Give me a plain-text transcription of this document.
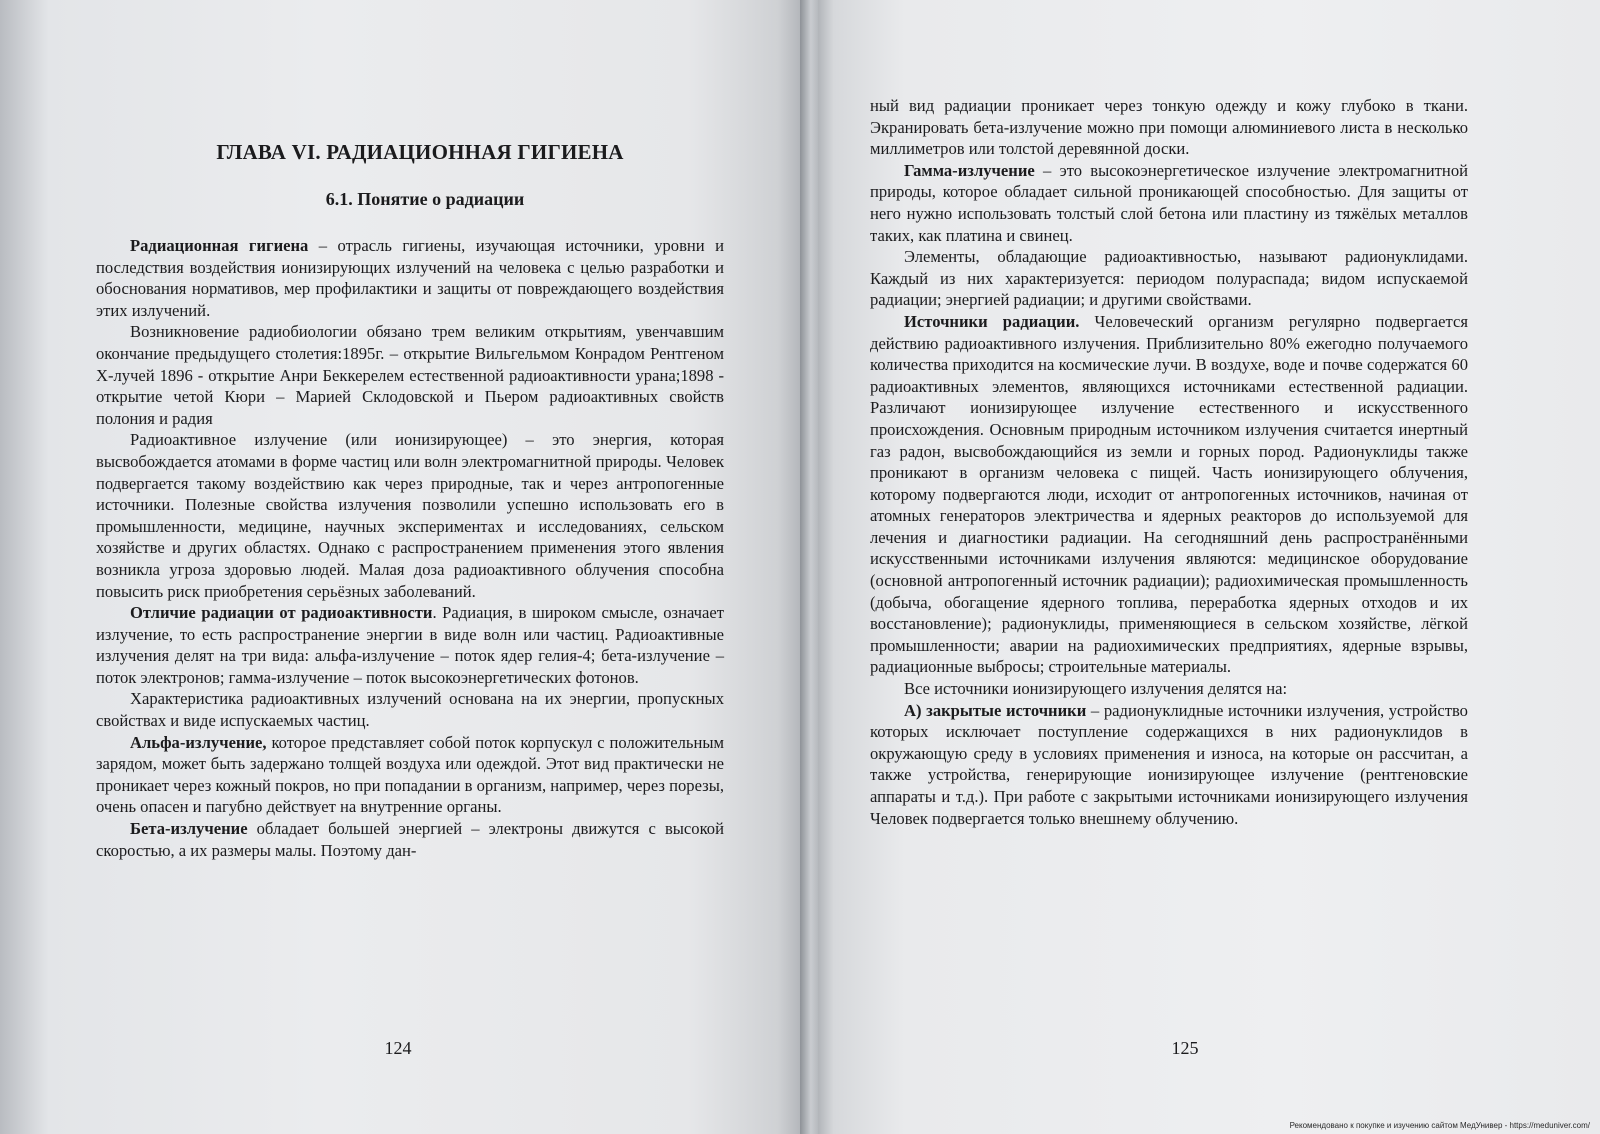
ГЛАВА VI. РАДИАЦИОННАЯ ГИГИЕНА
6.1. Понятие о радиации

Радиационная гигиена – отрасль гигиены, изучающая источники, уровни и последствия воздействия ионизирующих излучений на человека с целью разработки и обоснования нормативов, мер профилактики и защиты от повреждающего воздействия этих излучений.

Возникновение радиобиологии обязано трем великим открытиям, увенчавшим окончание предыдущего столетия:1895г. – открытие Вильгельмом Конрадом Рентгеном Х-лучей 1896 - открытие Анри Беккерелем естественной радиоактивности урана;1898 - открытие четой Кюри – Марией Склодовской и Пьером радиоактивных свойств полония и радия

Радиоактивное излучение (или ионизирующее) – это энергия, которая высвобождается атомами в форме частиц или волн электромагнитной природы. Человек подвергается такому воздействию как через природные, так и через антропогенные источники. Полезные свойства излучения позволили успешно использовать его в промышленности, медицине, научных экспериментах и исследованиях, сельском хозяйстве и других областях. Однако с распространением применения этого явления возникла угроза здоровью людей. Малая доза радиоактивного облучения способна повысить риск приобретения серьёзных заболеваний.

Отличие радиации от радиоактивности. Радиация, в широком смысле, означает излучение, то есть распространение энергии в виде волн или частиц. Радиоактивные излучения делят на три вида: альфа-излучение – поток ядер гелия-4; бета-излучение – поток электронов; гамма-излучение – поток высокоэнергетических фотонов.

Характеристика радиоактивных излучений основана на их энергии, пропускных свойствах и виде испускаемых частиц.

Альфа-излучение, которое представляет собой поток корпускул с положительным зарядом, может быть задержано толщей воздуха или одеждой. Этот вид практически не проникает через кожный покров, но при попадании в организм, например, через порезы, очень опасен и пагубно действует на внутренние органы.

Бета-излучение обладает большей энергией – электроны движутся с высокой скоростью, а их размеры малы. Поэтому дан-

124

ный вид радиации проникает через тонкую одежду и кожу глубоко в ткани. Экранировать бета-излучение можно при помощи алюминиевого листа в несколько миллиметров или толстой деревянной доски.

Гамма-излучение – это высокоэнергетическое излучение электромагнитной природы, которое обладает сильной проникающей способностью. Для защиты от него нужно использовать толстый слой бетона или пластину из тяжёлых металлов таких, как платина и свинец.

Элементы, обладающие радиоактивностью, называют радионуклидами. Каждый из них характеризуется: периодом полураспада; видом испускаемой радиации; энергией радиации; и другими свойствами.

Источники радиации. Человеческий организм регулярно подвергается действию радиоактивного излучения. Приблизительно 80% ежегодно получаемого количества приходится на космические лучи. В воздухе, воде и почве содержатся 60 радиоактивных элементов, являющихся источниками естественной радиации. Различают ионизирующее излучение естественного и искусственного происхождения. Основным природным источником излучения считается инертный газ радон, высвобождающийся из земли и горных пород. Радионуклиды также проникают в организм человека с пищей. Часть ионизирующего облучения, которому подвергаются люди, исходит от антропогенных источников, начиная от атомных генераторов электричества и ядерных реакторов до используемой для лечения и диагностики радиации. На сегодняшний день распространёнными искусственными источниками излучения являются: медицинское оборудование (основной антропогенный источник радиации); радиохимическая промышленность (добыча, обогащение ядерного топлива, переработка ядерных отходов и их восстановление); радионуклиды, применяющиеся в сельском хозяйстве, лёгкой промышленности; аварии на радиохимических предприятиях, ядерные взрывы, радиационные выбросы; строительные материалы.

Все источники ионизирующего излучения делятся на:

А) закрытые источники – радионуклидные источники излучения, устройство которых исключает поступление содержащихся в них радионуклидов в окружающую среду в условиях применения и износа, на которые он рассчитан, а также устройства, генерирующие ионизирующее излучение (рентгеновские аппараты и т.д.). При работе с закрытыми источниками ионизирующего излучения Человек подвергается только внешнему облучению.

125
Рекомендовано к покупке и изучению сайтом МедУнивер - https://meduniver.com/
